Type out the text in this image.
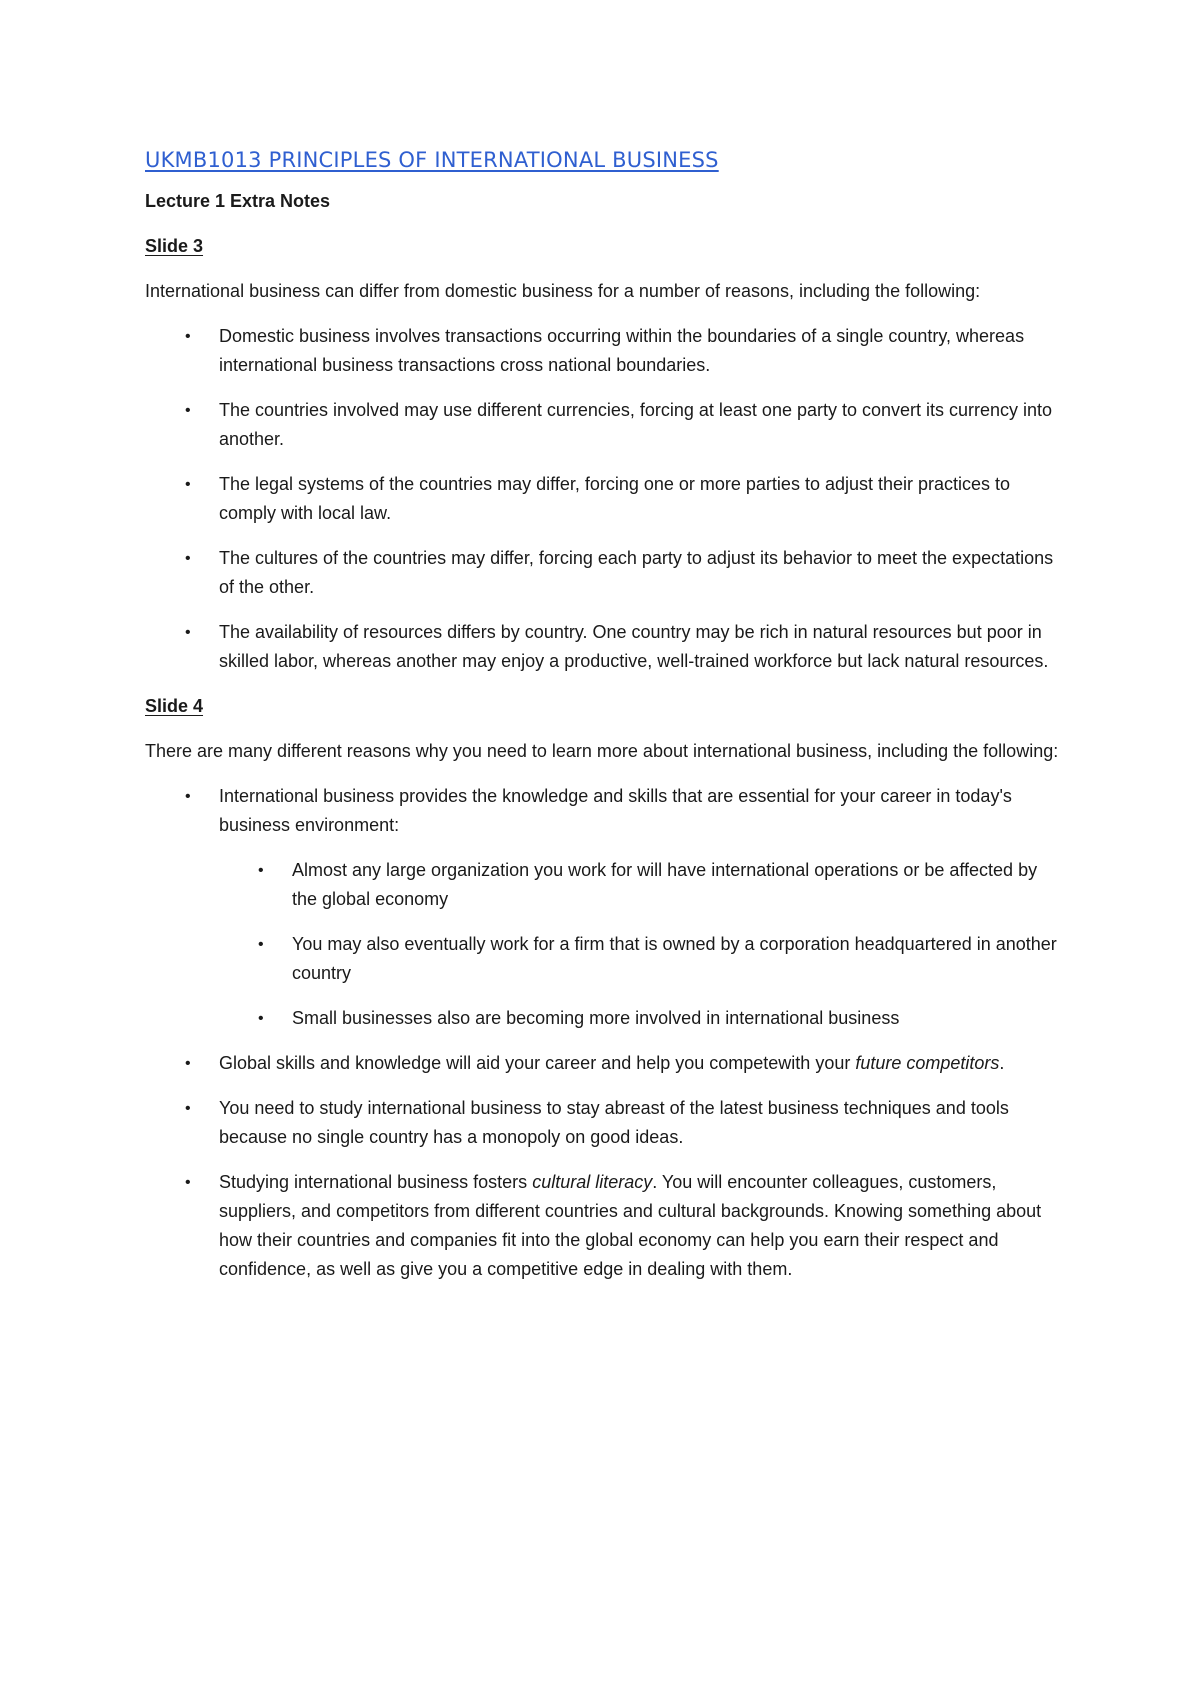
UKMB1013 PRINCIPLES OF INTERNATIONAL BUSINESS
Lecture 1 Extra Notes
Slide 3
International business can differ from domestic business for a number of reasons, including the following:
• Domestic business involves transactions occurring within the boundaries of a single country, whereas international business transactions cross national boundaries.
• The countries involved may use different currencies, forcing at least one party to convert its currency into another.
• The legal systems of the countries may differ, forcing one or more parties to adjust their practices to comply with local law.
• The cultures of the countries may differ, forcing each party to adjust its behavior to meet the expectations of the other.
• The availability of resources differs by country. One country may be rich in natural resources but poor in skilled labor, whereas another may enjoy a productive, well-trained workforce but lack natural resources.
Slide 4
There are many different reasons why you need to learn more about international business, including the following:
• International business provides the knowledge and skills that are essential for your career in today's business environment:
• Almost any large organization you work for will have international operations or be affected by the global economy
• You may also eventually work for a firm that is owned by a corporation headquartered in another country
• Small businesses also are becoming more involved in international business
• Global skills and knowledge will aid your career and help you competewith your future competitors.
• You need to study international business to stay abreast of the latest business techniques and tools because no single country has a monopoly on good ideas.
• Studying international business fosters cultural literacy. You will encounter colleagues, customers, suppliers, and competitors from different countries and cultural backgrounds. Knowing something about how their countries and companies fit into the global economy can help you earn their respect and confidence, as well as give you a competitive edge in dealing with them.
